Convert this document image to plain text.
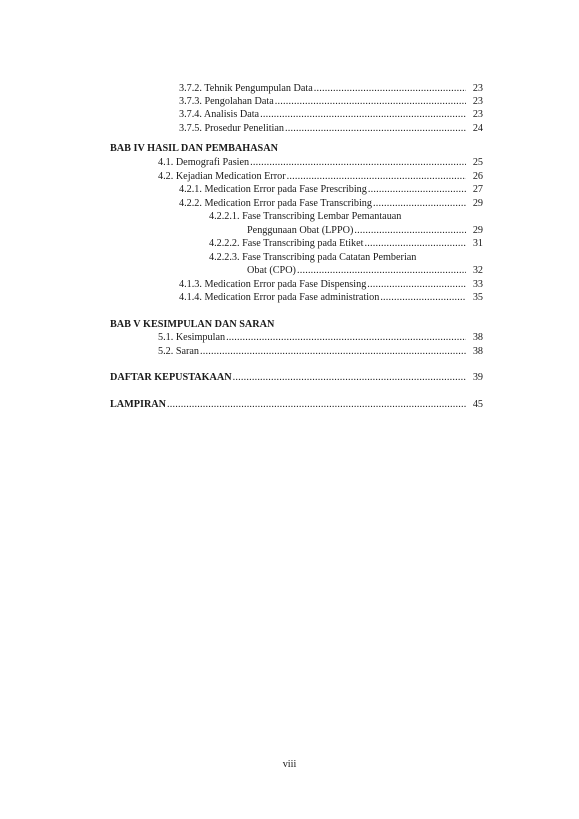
3.7.2. Tehnik Pengumpulan Data .....	23
3.7.3. Pengolahan Data .....	23
3.7.4. Analisis Data .....	23
3.7.5. Prosedur Penelitian .....	24
BAB IV HASIL DAN PEMBAHASAN
4.1. Demografi Pasien .....	25
4.2. Kejadian Medication Error .....	26
4.2.1. Medication Error pada Fase Prescribing .....	27
4.2.2. Medication Error pada Fase Transcribing .....	29
4.2.2.1. Fase Transcribing Lembar Pemantauan
Penggunaan Obat (LPPO) .....	29
4.2.2.2. Fase Transcribing pada Etiket .....	31
4.2.2.3. Fase Transcribing pada Catatan Pemberian
Obat (CPO) .....	32
4.1.3. Medication Error pada Fase Dispensing .....	33
4.1.4. Medication Error pada Fase administration .....	35
BAB V KESIMPULAN DAN SARAN
5.1. Kesimpulan .....	38
5.2. Saran .....	38
DAFTAR KEPUSTAKAAN .....	39
LAMPIRAN .....	45
viii
